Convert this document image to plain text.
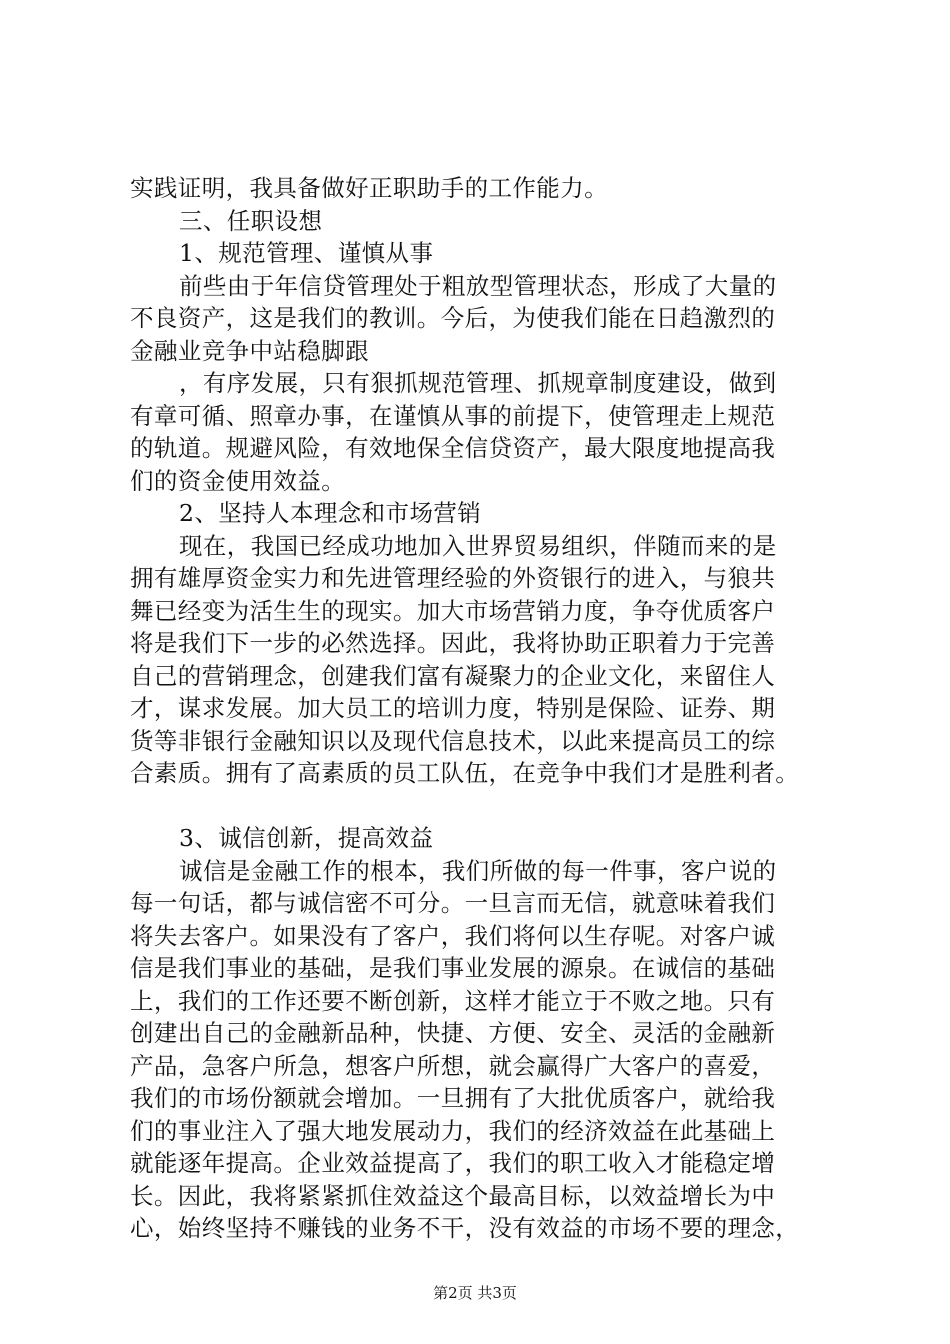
实践证明，我具备做好正职助手的工作能力。
三、任职设想
1、规范管理、谨慎从事
前些由于年信贷管理处于粗放型管理状态，形成了大量的
不良资产，这是我们的教训。今后，为使我们能在日趋激烈的
金融业竞争中站稳脚跟
，有序发展，只有狠抓规范管理、抓规章制度建设，做到
有章可循、照章办事，在谨慎从事的前提下，使管理走上规范
的轨道。规避风险，有效地保全信贷资产，最大限度地提高我
们的资金使用效益。
2、坚持人本理念和市场营销
现在，我国已经成功地加入世界贸易组织，伴随而来的是
拥有雄厚资金实力和先进管理经验的外资银行的进入，与狼共
舞已经变为活生生的现实。加大市场营销力度，争夺优质客户
将是我们下一步的必然选择。因此，我将协助正职着力于完善
自己的营销理念，创建我们富有凝聚力的企业文化，来留住人
才，谋求发展。加大员工的培训力度，特别是保险、证券、期
货等非银行金融知识以及现代信息技术，以此来提高员工的综
合素质。拥有了高素质的员工队伍，在竞争中我们才是胜利者。
3、诚信创新，提高效益
诚信是金融工作的根本，我们所做的每一件事，客户说的
每一句话，都与诚信密不可分。一旦言而无信，就意味着我们
将失去客户。如果没有了客户，我们将何以生存呢。对客户诚
信是我们事业的基础，是我们事业发展的源泉。在诚信的基础
上，我们的工作还要不断创新，这样才能立于不败之地。只有
创建出自己的金融新品种，快捷、方便、安全、灵活的金融新
产品，急客户所急，想客户所想，就会赢得广大客户的喜爱，
我们的市场份额就会增加。一旦拥有了大批优质客户，就给我
们的事业注入了强大地发展动力，我们的经济效益在此基础上
就能逐年提高。企业效益提高了，我们的职工收入才能稳定增
长。因此，我将紧紧抓住效益这个最高目标，以效益增长为中
心，始终坚持不赚钱的业务不干，没有效益的市场不要的理念，
第2页 共3页
